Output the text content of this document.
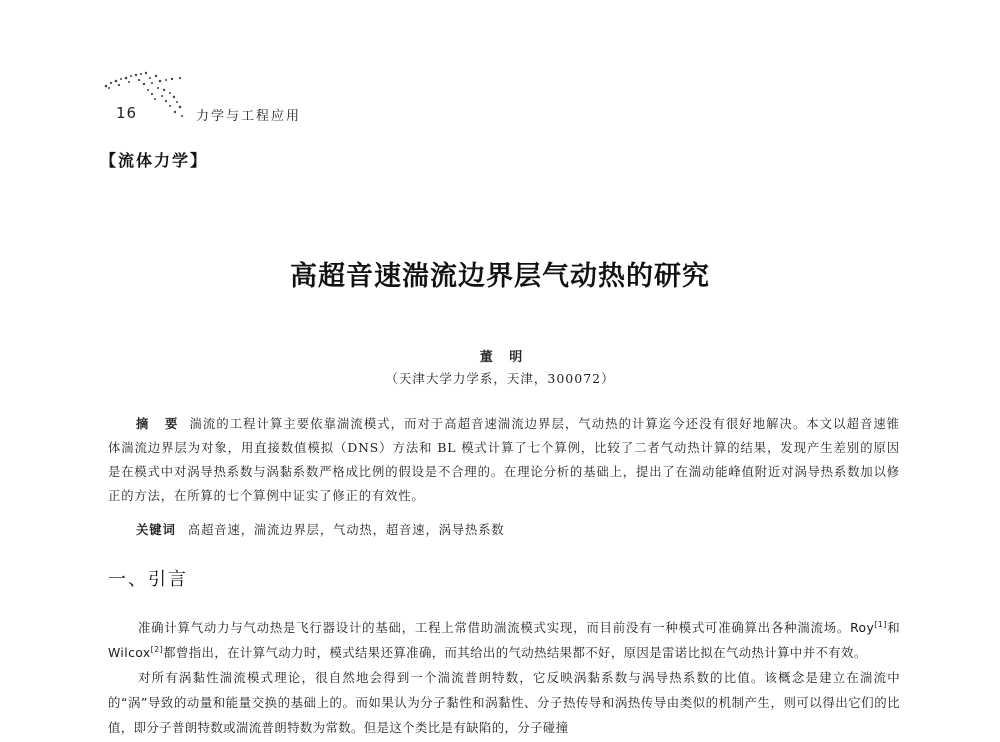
16	力学与工程应用
【流体力学】
高超音速湍流边界层气动热的研究
董 明
（天津大学力学系，天津，300072）
摘 要 湍流的工程计算主要依靠湍流模式，而对于高超音速湍流边界层，气动热的计算迄今还没有很好地解决。本文以超音速锥体湍流边界层为对象，用直接数值模拟（DNS）方法和 BL 模式计算了七个算例，比较了二者气动热计算的结果，发现产生差别的原因是在模式中对涡导热系数与涡黏系数严格成比例的假设是不合理的。在理论分析的基础上，提出了在湍动能峰值附近对涡导热系数加以修正的方法，在所算的七个算例中证实了修正的有效性。
关键词 高超音速，湍流边界层，气动热，超音速，涡导热系数
一、引言

准确计算气动力与气动热是飞行器设计的基础，工程上常借助湍流模式实现，而目前没有一种模式可准确算出各种湍流场。Roy[1]和 Wilcox[2]都曾指出，在计算气动力时，模式结果还算准确，而其给出的气动热结果都不好，原因是雷诺比拟在气动热计算中并不有效。

对所有涡黏性湍流模式理论，很自然地会得到一个湍流普朗特数，它反映涡黏系数与涡导热系数的比值。该概念是建立在湍流中的“涡”导致的动量和能量交换的基础上的。而如果认为分子黏性和涡黏性、分子热传导和涡热传导由类似的机制产生，则可以得出它们的比值，即分子普朗特数或湍流普朗特数为常数。但是这个类比是有缺陷的，分子碰撞
